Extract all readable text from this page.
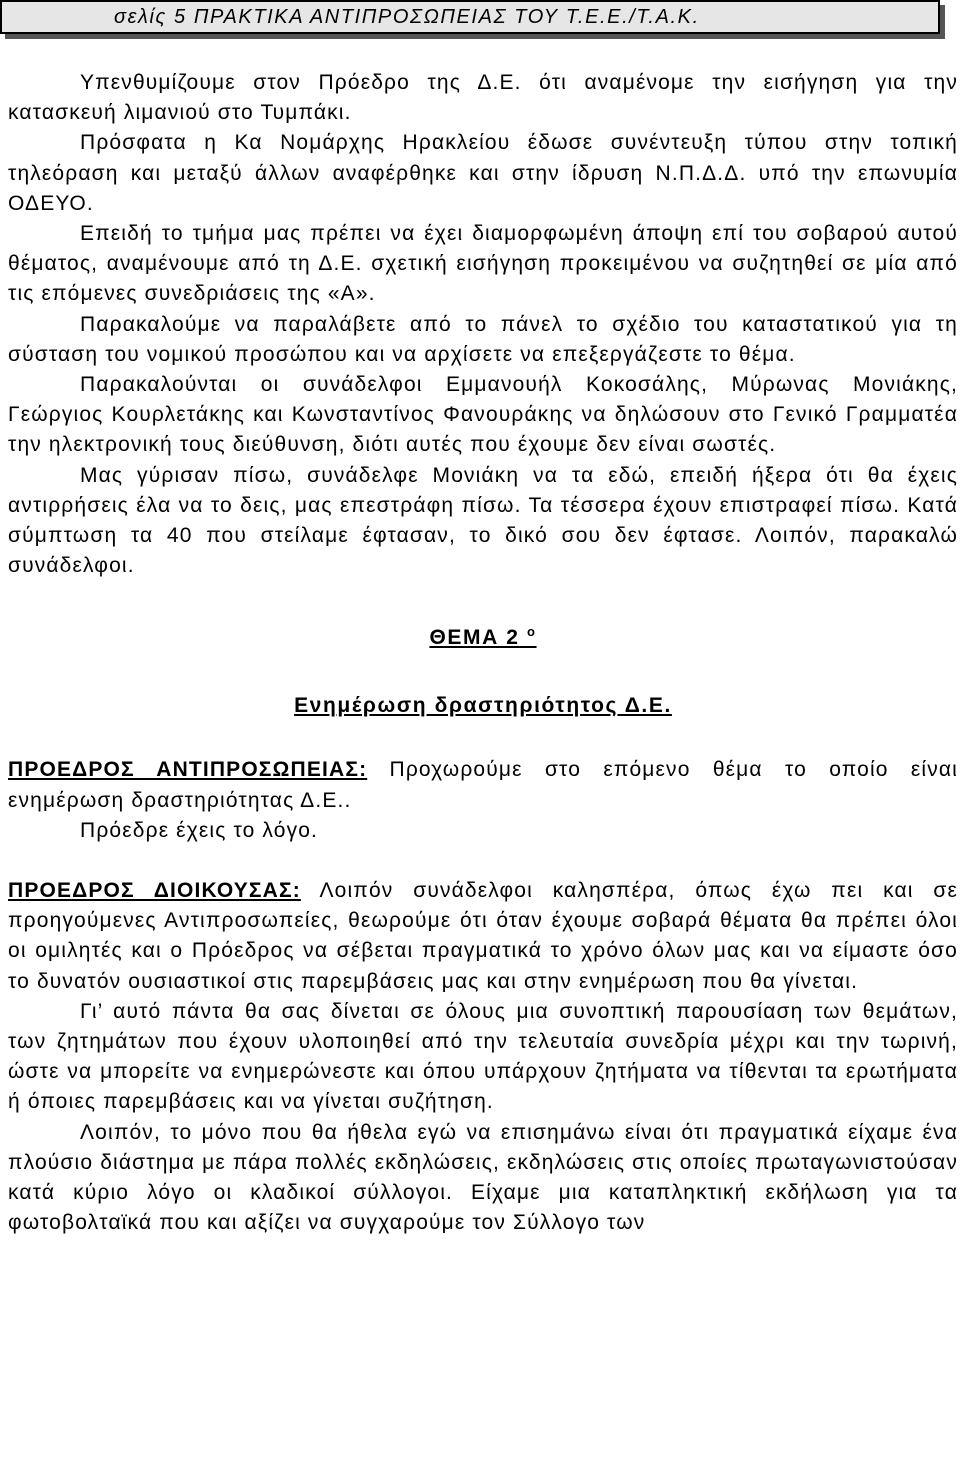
σελίς 5 ΠΡΑΚΤΙΚΑ ΑΝΤΙΠΡΟΣΩΠΕΙΑΣ ΤΟΥ Τ.Ε.Ε./Τ.Α.Κ.

Υπενθυμίζουμε στον Πρόεδρο της Δ.Ε. ότι αναμένομε την εισήγηση για την κατασκευή λιμανιού στο Τυμπάκι.

Πρόσφατα η Κα Νομάρχης Ηρακλείου έδωσε συνέντευξη τύπου στην τοπική τηλεόραση και μεταξύ άλλων αναφέρθηκε και στην ίδρυση Ν.Π.Δ.Δ. υπό την επωνυμία ΟΔΕΥΟ.

Επειδή το τμήμα μας πρέπει να έχει διαμορφωμένη άποψη επί του σοβαρού αυτού θέματος, αναμένουμε από τη Δ.Ε. σχετική εισήγηση προκειμένου να συζητηθεί σε μία από τις επόμενες συνεδριάσεις της «Α».

Παρακαλούμε να παραλάβετε από το πάνελ το σχέδιο του καταστατικού για τη σύσταση του νομικού προσώπου και να αρχίσετε να επεξεργάζεστε το θέμα.

Παρακαλούνται οι συνάδελφοι Εμμανουήλ Κοκοσάλης, Μύρωνας Μονιάκης, Γεώργιος Κουρλετάκης και Κωνσταντίνος Φανουράκης να δηλώσουν στο Γενικό Γραμματέα την ηλεκτρονική τους διεύθυνση, διότι αυτές που έχουμε δεν είναι σωστές.

Μας γύρισαν πίσω, συνάδελφε Μονιάκη να τα εδώ, επειδή ήξερα ότι θα έχεις αντιρρήσεις έλα να το δεις, μας επεστράφη πίσω. Τα τέσσερα έχουν επιστραφεί πίσω. Κατά σύμπτωση τα 40 που στείλαμε έφτασαν, το δικό σου δεν έφτασε. Λοιπόν, παρακαλώ συνάδελφοι.

ΘΕΜΑ 2 $^o$
Ενημέρωση δραστηριότητος Δ.Ε.

ΠΡΟΕΔΡΟΣ ΑΝΤΙΠΡΟΣΩΠΕΙΑΣ: Προχωρούμε στο επόμενο θέμα το οποίο είναι ενημέρωση δραστηριότητας Δ.Ε..

Πρόεδρε έχεις το λόγο.

ΠΡΟΕΔΡΟΣ ΔΙΟΙΚΟΥΣΑΣ: Λοιπόν συνάδελφοι καλησπέρα, όπως έχω πει και σε προηγούμενες Αντιπροσωπείες, θεωρούμε ότι όταν έχουμε σοβαρά θέματα θα πρέπει όλοι οι ομιλητές και ο Πρόεδρος να σέβεται πραγματικά το χρόνο όλων μας και να είμαστε όσο το δυνατόν ουσιαστικοί στις παρεμβάσεις μας και στην ενημέρωση που θα γίνεται.

Γι’ αυτό πάντα θα σας δίνεται σε όλους μια συνοπτική παρουσίαση των θεμάτων, των ζητημάτων που έχουν υλοποιηθεί από την τελευταία συνεδρία μέχρι και την τωρινή, ώστε να μπορείτε να ενημερώνεστε και όπου υπάρχουν ζητήματα να τίθενται τα ερωτήματα ή όποιες παρεμβάσεις και να γίνεται συζήτηση.

Λοιπόν, το μόνο που θα ήθελα εγώ να επισημάνω είναι ότι πραγματικά είχαμε ένα πλούσιο διάστημα με πάρα πολλές εκδηλώσεις, εκδηλώσεις στις οποίες πρωταγωνιστούσαν κατά κύριο λόγο οι κλαδικοί σύλλογοι. Είχαμε μια καταπληκτική εκδήλωση για τα φωτοβολταϊκά που και αξίζει να συγχαρούμε τον Σύλλογο των
